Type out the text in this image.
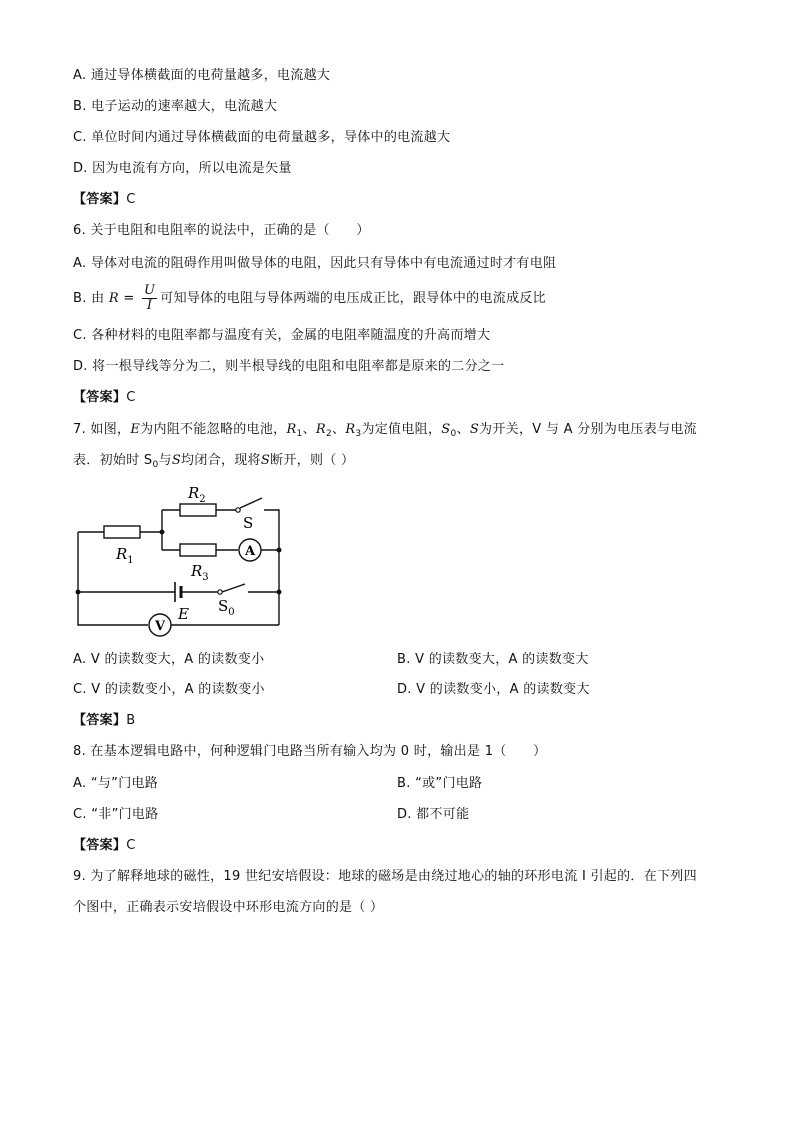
A. 通过导体横截面的电荷量越多，电流越大
B. 电子运动的速率越大，电流越大
C. 单位时间内通过导体横截面的电荷量越多，导体中的电流越大
D. 因为电流有方向，所以电流是矢量
【答案】C
6. 关于电阻和电阻率的说法中，正确的是（　　）
A. 导体对电流的阻碍作用叫做导体的电阻，因此只有导体中有电流通过时才有电阻
B. 由 $R = \frac{U}{I}$ 可知导体的电阻与导体两端的电压成正比，跟导体中的电流成反比
C. 各种材料的电阻率都与温度有关，金属的电阻率随温度的升高而增大
D. 将一根导线等分为二，则半根导线的电阻和电阻率都是原来的二分之一
【答案】C
7. 如图，E为内阻不能忽略的电池，$R_1$、$R_2$、$R_3$为定值电阻，$S_0$、S为开关，V 与 A 分别为电压表与电流
表．初始时 $S_0$与S均闭合，现将S断开，则（ ）
$R_2$
$R_1$
$R_3$
S
$S_0$
E
A
V
A. V 的读数变大，A 的读数变小	B. V 的读数变大，A 的读数变大
C. V 的读数变小，A 的读数变小	D. V 的读数变小，A 的读数变大
【答案】B
8. 在基本逻辑电路中，何种逻辑门电路当所有输入均为 0 时，输出是 1（　　）
A. “与”门电路	B. “或”门电路
C. “非”门电路	D. 都不可能
【答案】C
9. 为了解释地球的磁性，19 世纪安培假设：地球的磁场是由绕过地心的轴的环形电流 I 引起的．在下列四
个图中，正确表示安培假设中环形电流方向的是（ ）
